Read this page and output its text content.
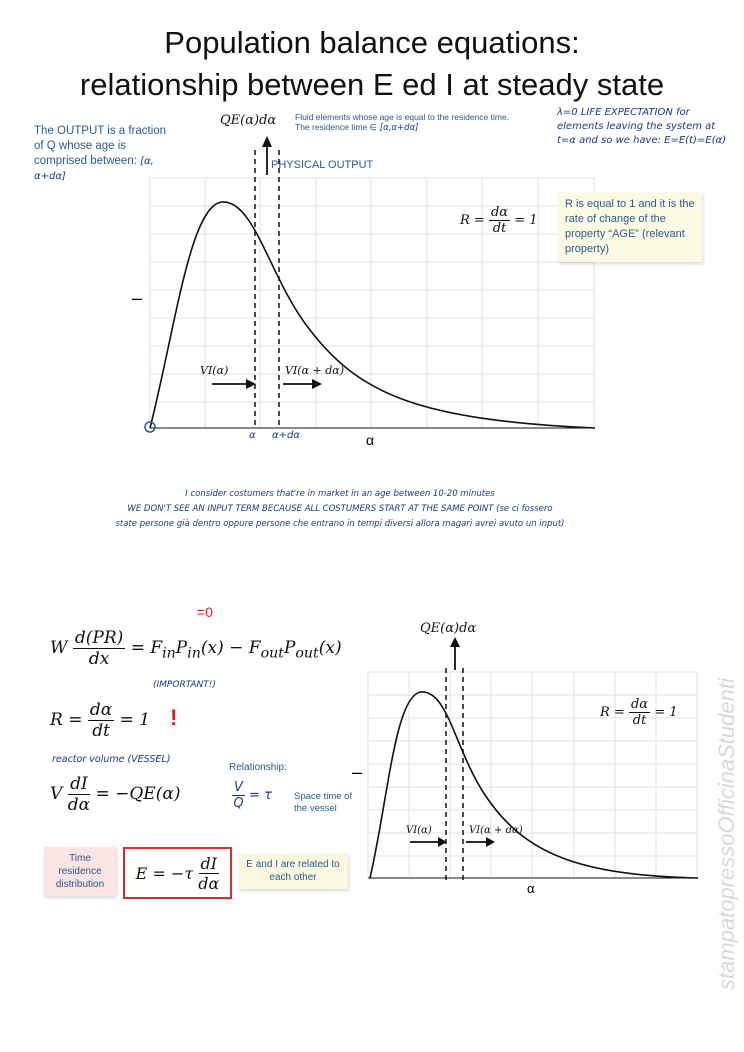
Population balance equations:
relationship between E ed I at steady state
QE(α)dα
The OUTPUT is a fraction of Q whose age is comprised between: [α, α+dα]
Fluid elements whose age is equal to the residence time.
The residence time ∈ [α,α+dα]
λ=0 LIFE EXPECTATION for elements leaving the system at t=α and so we have: E=E(t)=E(α)
PHYSICAL OUTPUT
$R = \frac{d\alpha}{dt} = 1$
R is equal to 1 and it is the rate of change of the property “AGE” (relevant property)
VI(α)	VI(α + dα)
α α+dα	α
–
I consider costumers that're in market in an age between 10-20 minutes
WE DON'T SEE AN INPUT TERM BECAUSE ALL COSTUMERS START AT THE SAME POINT (se ci fossero
state persone già dentro oppure persone che entrano in tempi diversi allora magari avrei avuto un input)
W $\frac{d(PR)}{dx} = F_{in}P_{in}(x) - F_{out}P_{out}(x)$
=0
(IMPORTANT!)
$R = \frac{d\alpha}{dt} = 1$ !
reactor volume (VESSEL)
V $\frac{dI}{d\alpha} = -QE(\alpha)$
Relationship:
$\frac{V}{Q} = \tau$ Space time of the vessel
Time residence distribution
E = −τ
$\frac{dI}{d\alpha}$	E and I are related to each other
QE(α)dα
$R = \frac{d\alpha}{dt} = 1$
VI(α)	VI(α + dα)
α
–	stampatopressoOfficinaStudenti
